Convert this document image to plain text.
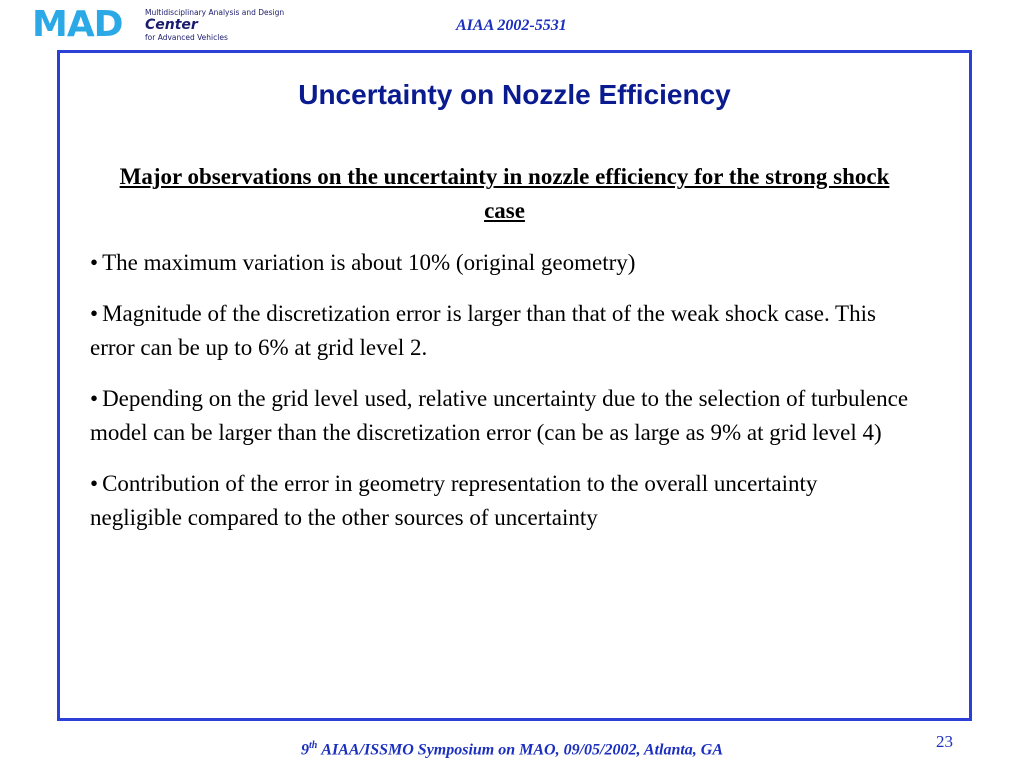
MAD	Multidisciplinary Analysis and Design
Center
for Advanced Vehicles
AIAA 2002-5531
Uncertainty on Nozzle Efficiency
Major observations on the uncertainty in nozzle efficiency for the strong shock case
• The maximum variation is about 10% (original geometry)
• Magnitude of the discretization error is larger than that of the weak shock case. This error can be up to 6% at grid level 2.
• Depending on the grid level used, relative uncertainty due to the selection of turbulence model can be larger than the discretization error (can be as large as 9% at grid level 4)
• Contribution of the error in geometry representation to the overall uncertainty negligible compared to the other sources of uncertainty
9th AIAA/ISSMO Symposium on MAO, 09/05/2002, Atlanta, GA	23
